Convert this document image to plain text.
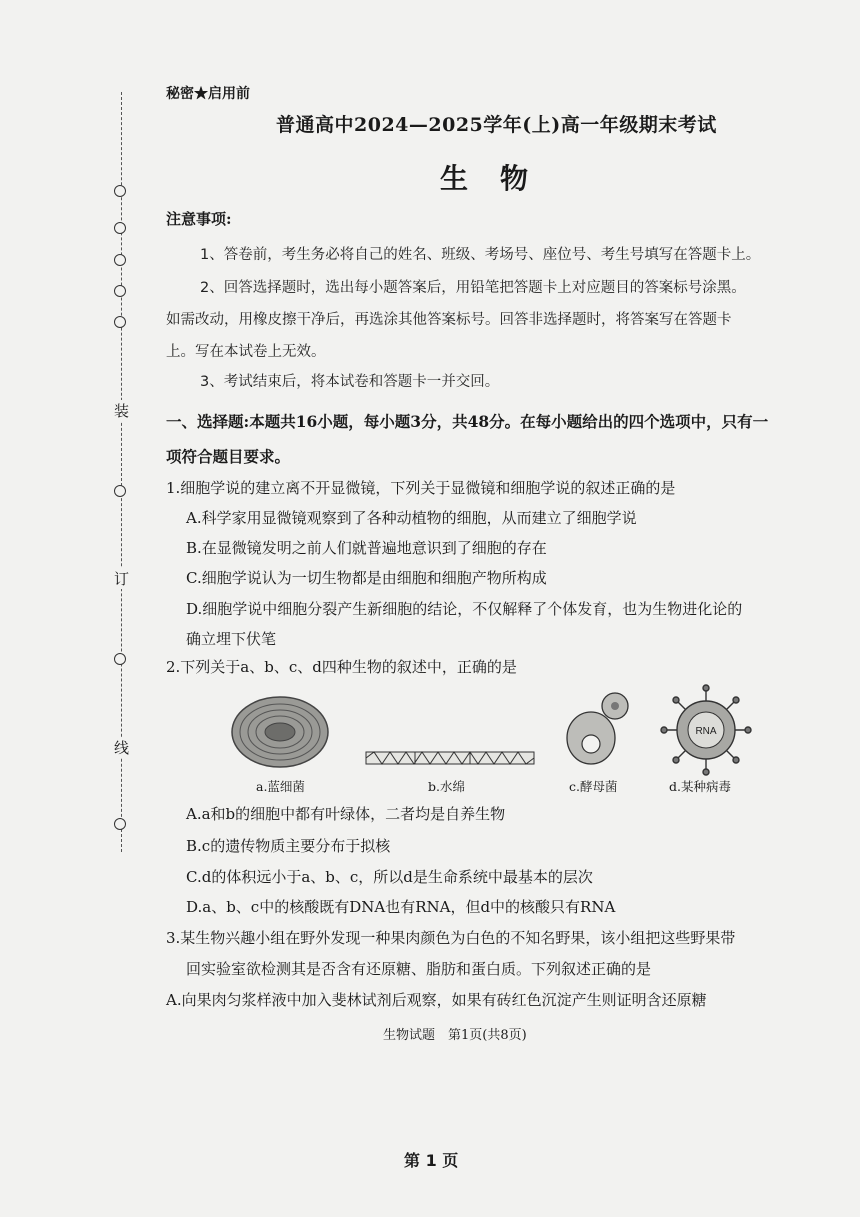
装
订
线
秘密★启用前
普通高中2024—2025学年(上)高一年级期末考试
生物
注意事项:
1、答卷前，考生务必将自己的姓名、班级、考场号、座位号、考生号填写在答题卡上。
2、回答选择题时，选出每小题答案后，用铅笔把答题卡上对应题目的答案标号涂黑。
如需改动，用橡皮擦干净后，再选涂其他答案标号。回答非选择题时，将答案写在答题卡
上。写在本试卷上无效。
3、考试结束后，将本试卷和答题卡一并交回。
一、选择题:本题共16小题，每小题3分，共48分。在每小题给出的四个选项中，只有一
项符合题目要求。
1.细胞学说的建立离不开显微镜，下列关于显微镜和细胞学说的叙述正确的是
A.科学家用显微镜观察到了各种动植物的细胞，从而建立了细胞学说
B.在显微镜发明之前人们就普遍地意识到了细胞的存在
C.细胞学说认为一切生物都是由细胞和细胞产物所构成
D.细胞学说中细胞分裂产生新细胞的结论，不仅解释了个体发育，也为生物进化论的
确立埋下伏笔
2.下列关于a、b、c、d四种生物的叙述中，正确的是
a.蓝细菌	b.水绵	c.酵母菌
RNA
d.某种病毒
A.a和b的细胞中都有叶绿体，二者均是自养生物
B.c的遗传物质主要分布于拟核
C.d的体积远小于a、b、c，所以d是生命系统中最基本的层次
D.a、b、c中的核酸既有DNA也有RNA，但d中的核酸只有RNA
3.某生物兴趣小组在野外发现一种果肉颜色为白色的不知名野果，该小组把这些野果带
回实验室欲检测其是否含有还原糖、脂肪和蛋白质。下列叙述正确的是
A.向果肉匀浆样液中加入斐林试剂后观察，如果有砖红色沉淀产生则证明含还原糖
生物试题　第1页(共8页)
第 1 页
